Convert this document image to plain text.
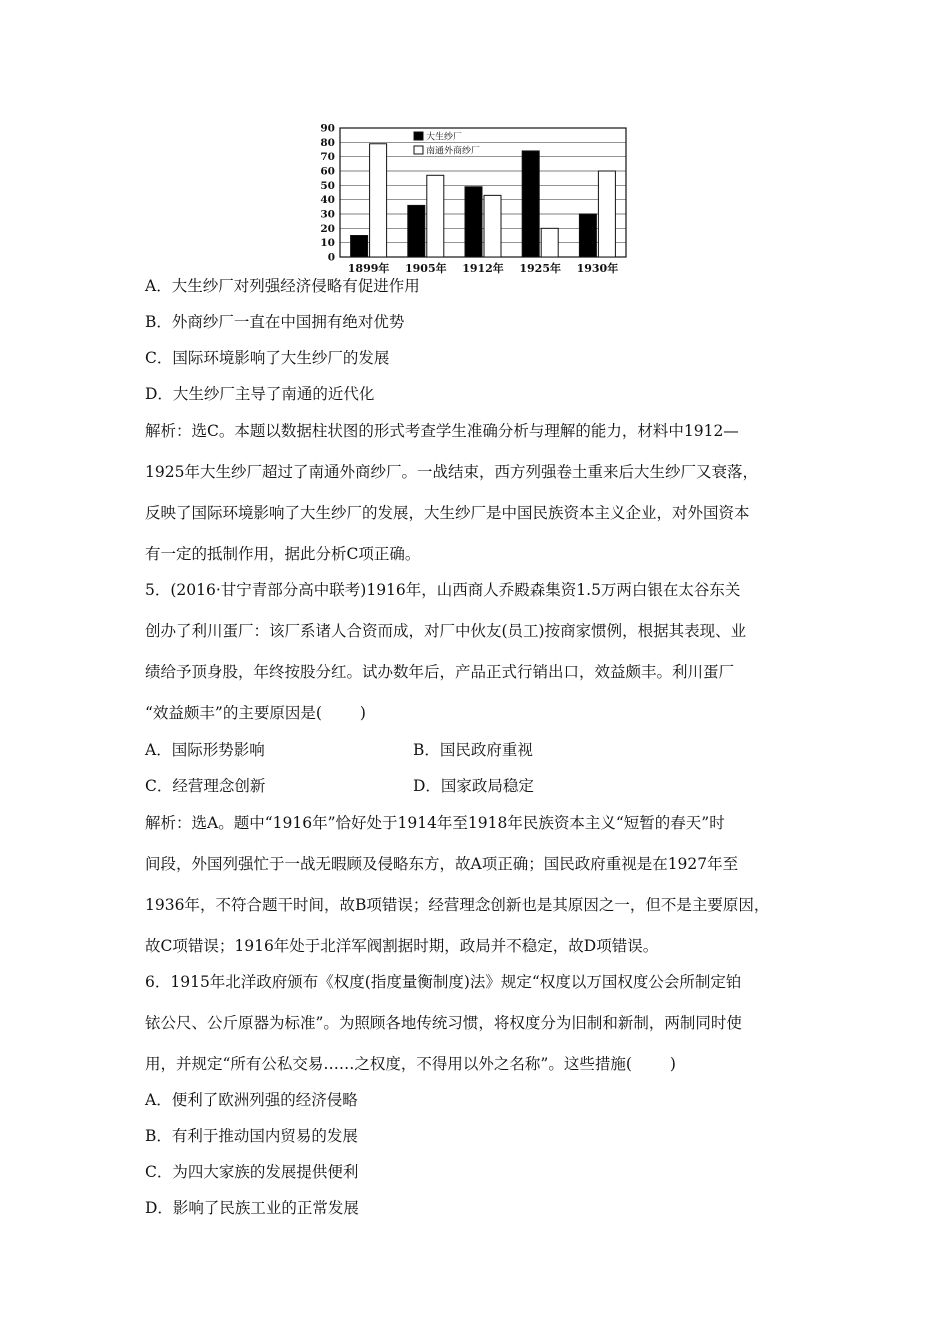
90
80
70
60
50
40
30
20
10
0
1899年 1905年 1912年 1925年 1930年
大生纱厂
南通外商纱厂
A．大生纱厂对列强经济侵略有促进作用
B．外商纱厂一直在中国拥有绝对优势
C．国际环境影响了大生纱厂的发展
D．大生纱厂主导了南通的近代化
解析：选C。本题以数据柱状图的形式考查学生准确分析与理解的能力，材料中1912—
1925年大生纱厂超过了南通外商纱厂。一战结束，西方列强卷土重来后大生纱厂又衰落，
反映了国际环境影响了大生纱厂的发展，大生纱厂是中国民族资本主义企业，对外国资本
有一定的抵制作用，据此分析C项正确。
5．(2016·甘宁青部分高中联考)1916年，山西商人乔殿森集资1.5万两白银在太谷东关
创办了利川蛋厂：该厂系诸人合资而成，对厂中伙友(员工)按商家惯例，根据其表现、业
绩给予顶身股，年终按股分红。试办数年后，产品正式行销出口，效益颇丰。利川蛋厂
“效益颇丰”的主要原因是( )
A．国际形势影响	B．国民政府重视
C．经营理念创新	D．国家政局稳定
解析：选A。题中“1916年”恰好处于1914年至1918年民族资本主义“短暂的春天”时
间段，外国列强忙于一战无暇顾及侵略东方，故A项正确；国民政府重视是在1927年至
1936年，不符合题干时间，故B项错误；经营理念创新也是其原因之一，但不是主要原因，
故C项错误；1916年处于北洋军阀割据时期，政局并不稳定，故D项错误。
6．1915年北洋政府颁布《权度(指度量衡制度)法》规定“权度以万国权度公会所制定铂
铱公尺、公斤原器为标准”。为照顾各地传统习惯，将权度分为旧制和新制，两制同时使
用，并规定“所有公私交易……之权度，不得用以外之名称”。这些措施( )
A．便利了欧洲列强的经济侵略
B．有利于推动国内贸易的发展
C．为四大家族的发展提供便利
D．影响了民族工业的正常发展
